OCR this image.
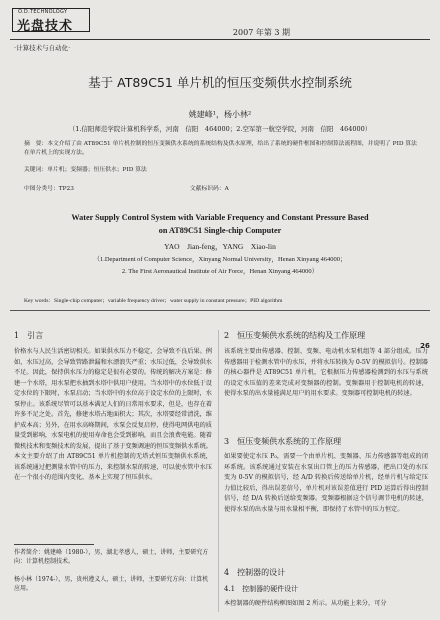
O.D.TECHNOLOGY
光盘技术	2007 年第 3 期
·计算技术与自动化·
基于 AT89C51 单片机的恒压变频供水控制系统
姚建峰¹，杨小林²
（1.信阳师范学院计算机科学系，河南　信阳　464000；2.空军第一航空学院，河南　信阳　464000）
摘　要：本文介绍了由 AT89C51 单片机控制的恒压变频供水系统的系统结构及供水原理，给出了系统的硬件框图和控制算法流程图，并说明了 PID 算法在单片机上的实现方法。
关键词：单片机；变频器；恒压供水；PID 算法
中图分类号：TP23　　　　　　　　　　　　　　　　　　　　文献标识码：A
Water Supply Control System with Variable Frequency and Constant Pressure Based
on AT89C51 Single-chip Computer
YAO　Jian-feng，YANG　Xiao-lin
（1.Department of Computer Science，Xinyang Normal University，Henan Xinyang 464000；
2. The First Aeronautical Institute of Air Force，Henan Xinyang 464000）
Key words：Single-chip computer；variable frequency driver；water supply in constant pressure；PID algorithm
26
1　引言
价格水与人民生活密切相关。如果供水压力不稳定，会导致不良后果。例如，水压过高，会导致管路泄漏和水漂浪失严重；水压过低，会导致供水不足。因此，保持供水压力的稳定是很有必要的。传统的解决方案是：修建一个水塔，用水泵把水抽到水塔中供用户使用。当水塔中的水位低于设定水位的下限时，水泵启动；当水塔中的水位高于设定水位的上限时，水泵停止。该系统尽管可以基本满足人们的日常用水要求，但是，也存在着许多不足之处。首先，修建水塔占地面积大；其次，水塔要经常清洗，维护成本高；另外，在用水高峰期间，水泵会反复启停，使得电网供电的质量受到影响，水泵电机的使用寿命也会受到影响，而且会浪费电能。随着微机技术和变频技术的发展，提出了基于变频调速的恒压变频供水系统。本文主要介绍了由 AT89C51 单片机控制的无塔式恒压变频供水系统，该系统通过把测量水管中的压力，来控制水泵的转速，可以使水管中水压在一个很小的范围内变化，基本上实现了恒压供水。
作者简介：姚建峰（1980-），男，湖北孝感人，硕士，讲师，主要研究方向：计算机控制技术。
杨小林（1974-），男，贵州遵义人，硕士，讲师，主要研究方向：计算机应用。
2　恒压变频供水系统的结构及工作原理
该系统主要由传感器、控制、变频、电动机水泵机组等 4 部分组成。压力传感器用于检测水管中的水压，并将水压转换为 0-5V 的模拟信号。控制器的核心器件是 AT89C51 单片机，它根据压力传感器检测到的水压与系统的设定水压值的差来完成对变频器的控制。变频器用于控制电机的转速，使得水泵的出水量能满足用户的用水要求。变频器可控制电机的转速。
3　恒压变频供水系统的工作原理
如果要使定水压 P₀，需要一个由单片机、变频器、压力传感器等组成的闭环系统。该系统通过安装在水泵出口管上的压力传感器，把出口处的水压变为 0-5V 的模拟信号，经 A/D 转换后传送给单片机，经单片机与给定压力值比较后，得出误差信号，单片机对该误差值进行 PID 运算后得出控制信号，经 D/A 转换后送给变频器。变频器根据这个信号调节电机的转速，使得水泵的出水量与用水量相平衡，即保持了水管中的压力恒定。
4　控制器的设计
4.1　控制器的硬件设计
本控制器的硬件结构框图如图 2 所示。从功能上来分，可分
